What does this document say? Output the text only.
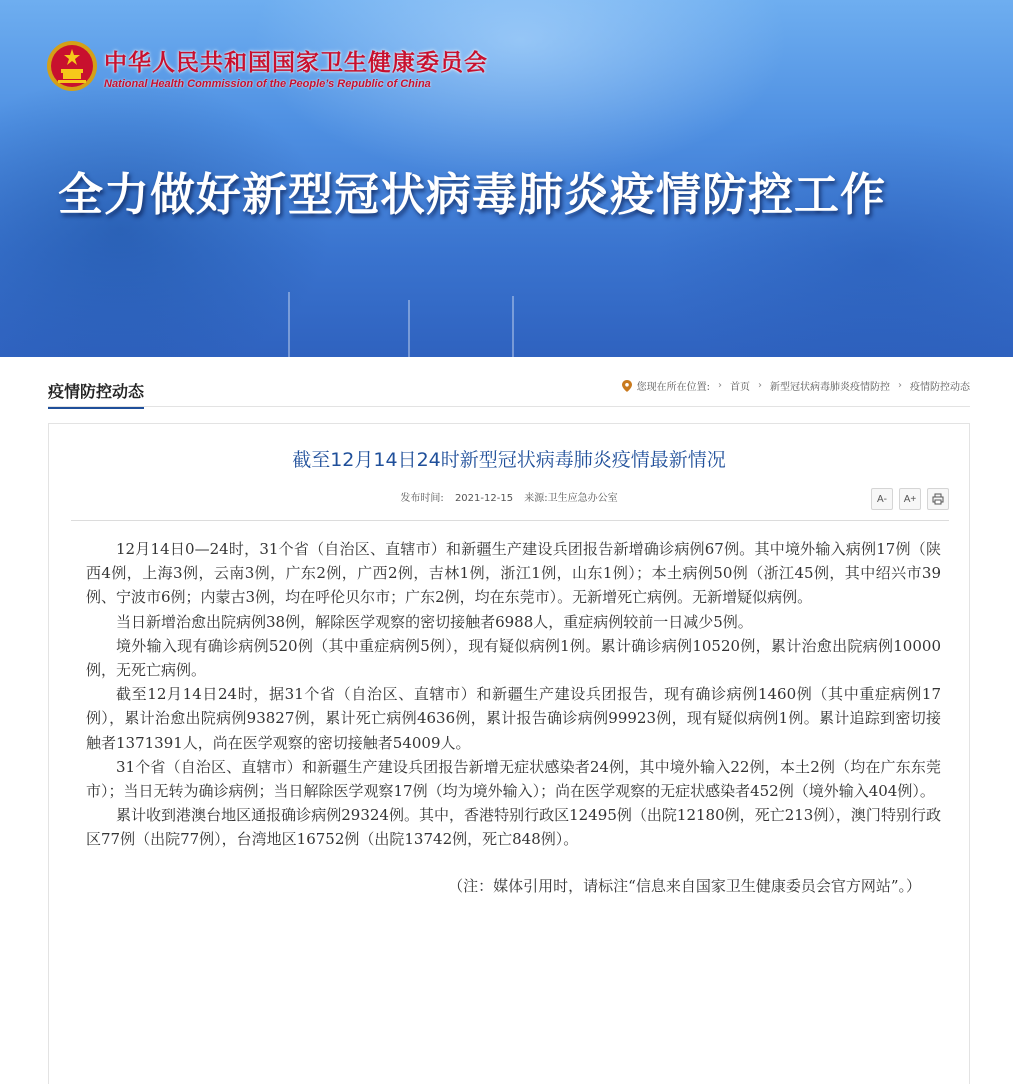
中华人民共和国国家卫生健康委员会
National Health Commission of the People’s Republic of China
全力做好新型冠状病毒肺炎疫情防控工作
疫情防控动态	您现在所在位置: › 首页 › 新型冠状病毒肺炎疫情防控 › 疫情防控动态
截至12月14日24时新型冠状病毒肺炎疫情最新情况
发布时间: 2021-12-15 来源:卫生应急办公室	A-	A+

12月14日0—24时，31个省（自治区、直辖市）和新疆生产建设兵团报告新增确诊病例67例。其中境外输入病例17例（陕西4例，上海3例，云南3例，广东2例，广西2例，吉林1例，浙江1例，山东1例）；本土病例50例（浙江45例，其中绍兴市39例、宁波市6例；内蒙古3例，均在呼伦贝尔市；广东2例，均在东莞市）。无新增死亡病例。无新增疑似病例。

当日新增治愈出院病例38例，解除医学观察的密切接触者6988人，重症病例较前一日减少5例。

境外输入现有确诊病例520例（其中重症病例5例），现有疑似病例1例。累计确诊病例10520例，累计治愈出院病例10000例，无死亡病例。

截至12月14日24时，据31个省（自治区、直辖市）和新疆生产建设兵团报告，现有确诊病例1460例（其中重症病例17例），累计治愈出院病例93827例，累计死亡病例4636例，累计报告确诊病例99923例，现有疑似病例1例。累计追踪到密切接触者1371391人，尚在医学观察的密切接触者54009人。

31个省（自治区、直辖市）和新疆生产建设兵团报告新增无症状感染者24例，其中境外输入22例，本土2例（均在广东东莞市）；当日无转为确诊病例；当日解除医学观察17例（均为境外输入）；尚在医学观察的无症状感染者452例（境外输入404例）。

累计收到港澳台地区通报确诊病例29324例。其中，香港特别行政区12495例（出院12180例，死亡213例），澳门特别行政区77例（出院77例），台湾地区16752例（出院13742例，死亡848例）。

（注：媒体引用时，请标注“信息来自国家卫生健康委员会官方网站”。）
